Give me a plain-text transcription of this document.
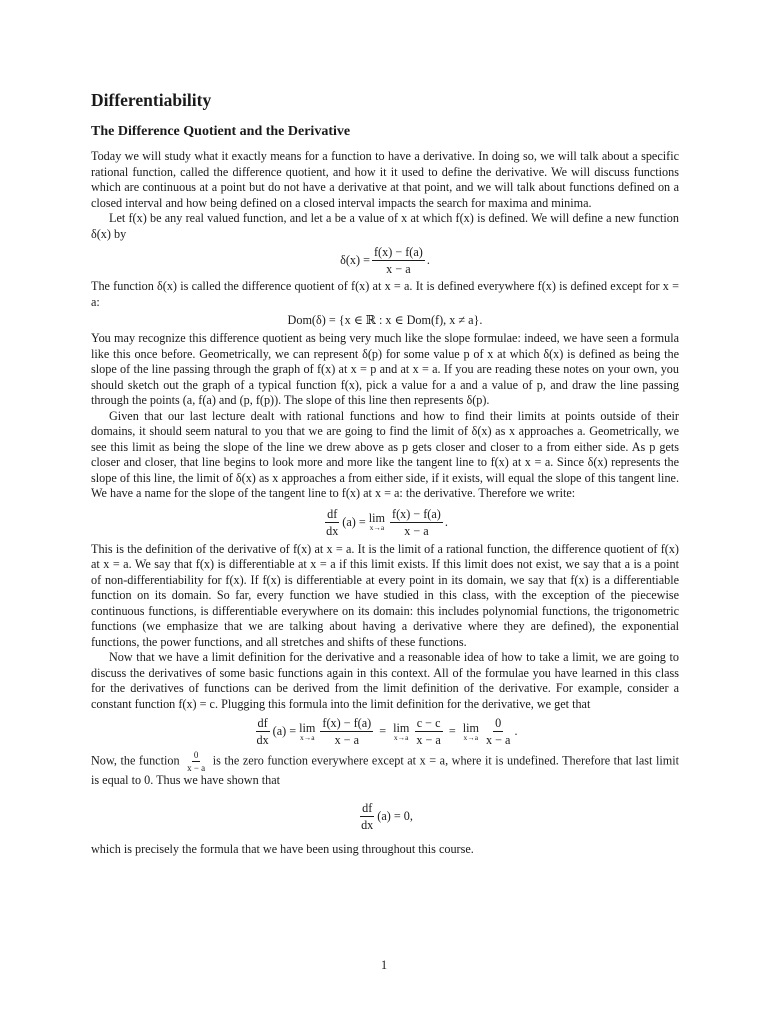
Differentiability
The Difference Quotient and the Derivative

Today we will study what it exactly means for a function to have a derivative. In doing so, we will talk about a specific rational function, called the difference quotient, and how it it used to define the derivative. We will discuss functions which are continuous at a point but do not have a derivative at that point, and we will talk about functions defined on a closed interval and how being defined on a closed interval impacts the search for maxima and minima.

Let f(x) be any real valued function, and let a be a value of x at which f(x) is defined. We will define a new function δ(x) by

$\delta(x) = \frac{f(x) - f(a)}{x - a}$ .

The function δ(x) is called the difference quotient of f(x) at x = a. It is defined everywhere f(x) is defined except for x = a:

Dom(δ) = {x ∈ ℝ : x ∈ Dom(f), x ≠ a}.

You may recognize this difference quotient as being very much like the slope formulae: indeed, we have seen a formula like this once before. Geometrically, we can represent δ(p) for some value p of x at which δ(x) is defined as being the slope of the line passing through the graph of f(x) at x = p and at x = a. If you are reading these notes on your own, you should sketch out the graph of a typical function f(x), pick a value for a and a value of p, and draw the line passing through the points (a, f(a) and (p, f(p)). The slope of this line then represents δ(p).

Given that our last lecture dealt with rational functions and how to find their limits at points outside of their domains, it should seem natural to you that we are going to find the limit of δ(x) as x approaches a. Geometrically, we see this limit as being the slope of the line we drew above as p gets closer and closer to a from either side. As p gets closer and closer, that line begins to look more and more like the tangent line to f(x) at x = a. Since δ(x) represents the slope of this line, the limit of δ(x) as x approaches a from either side, if it exists, will equal the slope of this tangent line. We have a name for the slope of the tangent line to f(x) at x = a: the derivative. Therefore we write:

$\frac{df}{dx} (a) = \lim$
$x\to a \frac{f(x) - f(a)}{x - a}$ .

This is the definition of the derivative of f(x) at x = a. It is the limit of a rational function, the difference quotient of f(x) at x = a. We say that f(x) is differentiable at x = a if this limit exists. If this limit does not exist, we say that a is a point of non-differentiability for f(x). If f(x) is differentiable at every point in its domain, we say that f(x) is a differentiable function on its domain. So far, every function we have studied in this class, with the exception of the piecewise continuous functions, is differentiable everywhere on its domain: this includes polynomial functions, the trigonometric functions (we emphasize that we are talking about having a derivative where they are defined), the exponential functions, the power functions, and all stretches and shifts of these functions.

Now that we have a limit definition for the derivative and a reasonable idea of how to take a limit, we are going to discuss the derivatives of some basic functions again in this context. All of the formulae you have learned in this class for the derivatives of functions can be derived from the limit definition of the derivative. For example, consider a constant function f(x) = c. Plugging this formula into the limit definition for the derivative, we get that

$\frac{df}{dx} (a) = \lim$
$x\to a \frac{f(x) - f(a)}{x - a} = \lim$
$x\to a \frac{c - c}{x - a} = \lim$
$x\to a \frac{0}{x - a}$ .

Now, the function $\frac{0}{x - a}$ is the zero function everywhere except at x = a, where it is undefined. Therefore that last limit is equal to 0. Thus we have shown that

$\frac{df}{dx} (a) = 0$,

which is precisely the formula that we have been using throughout this course.

1
